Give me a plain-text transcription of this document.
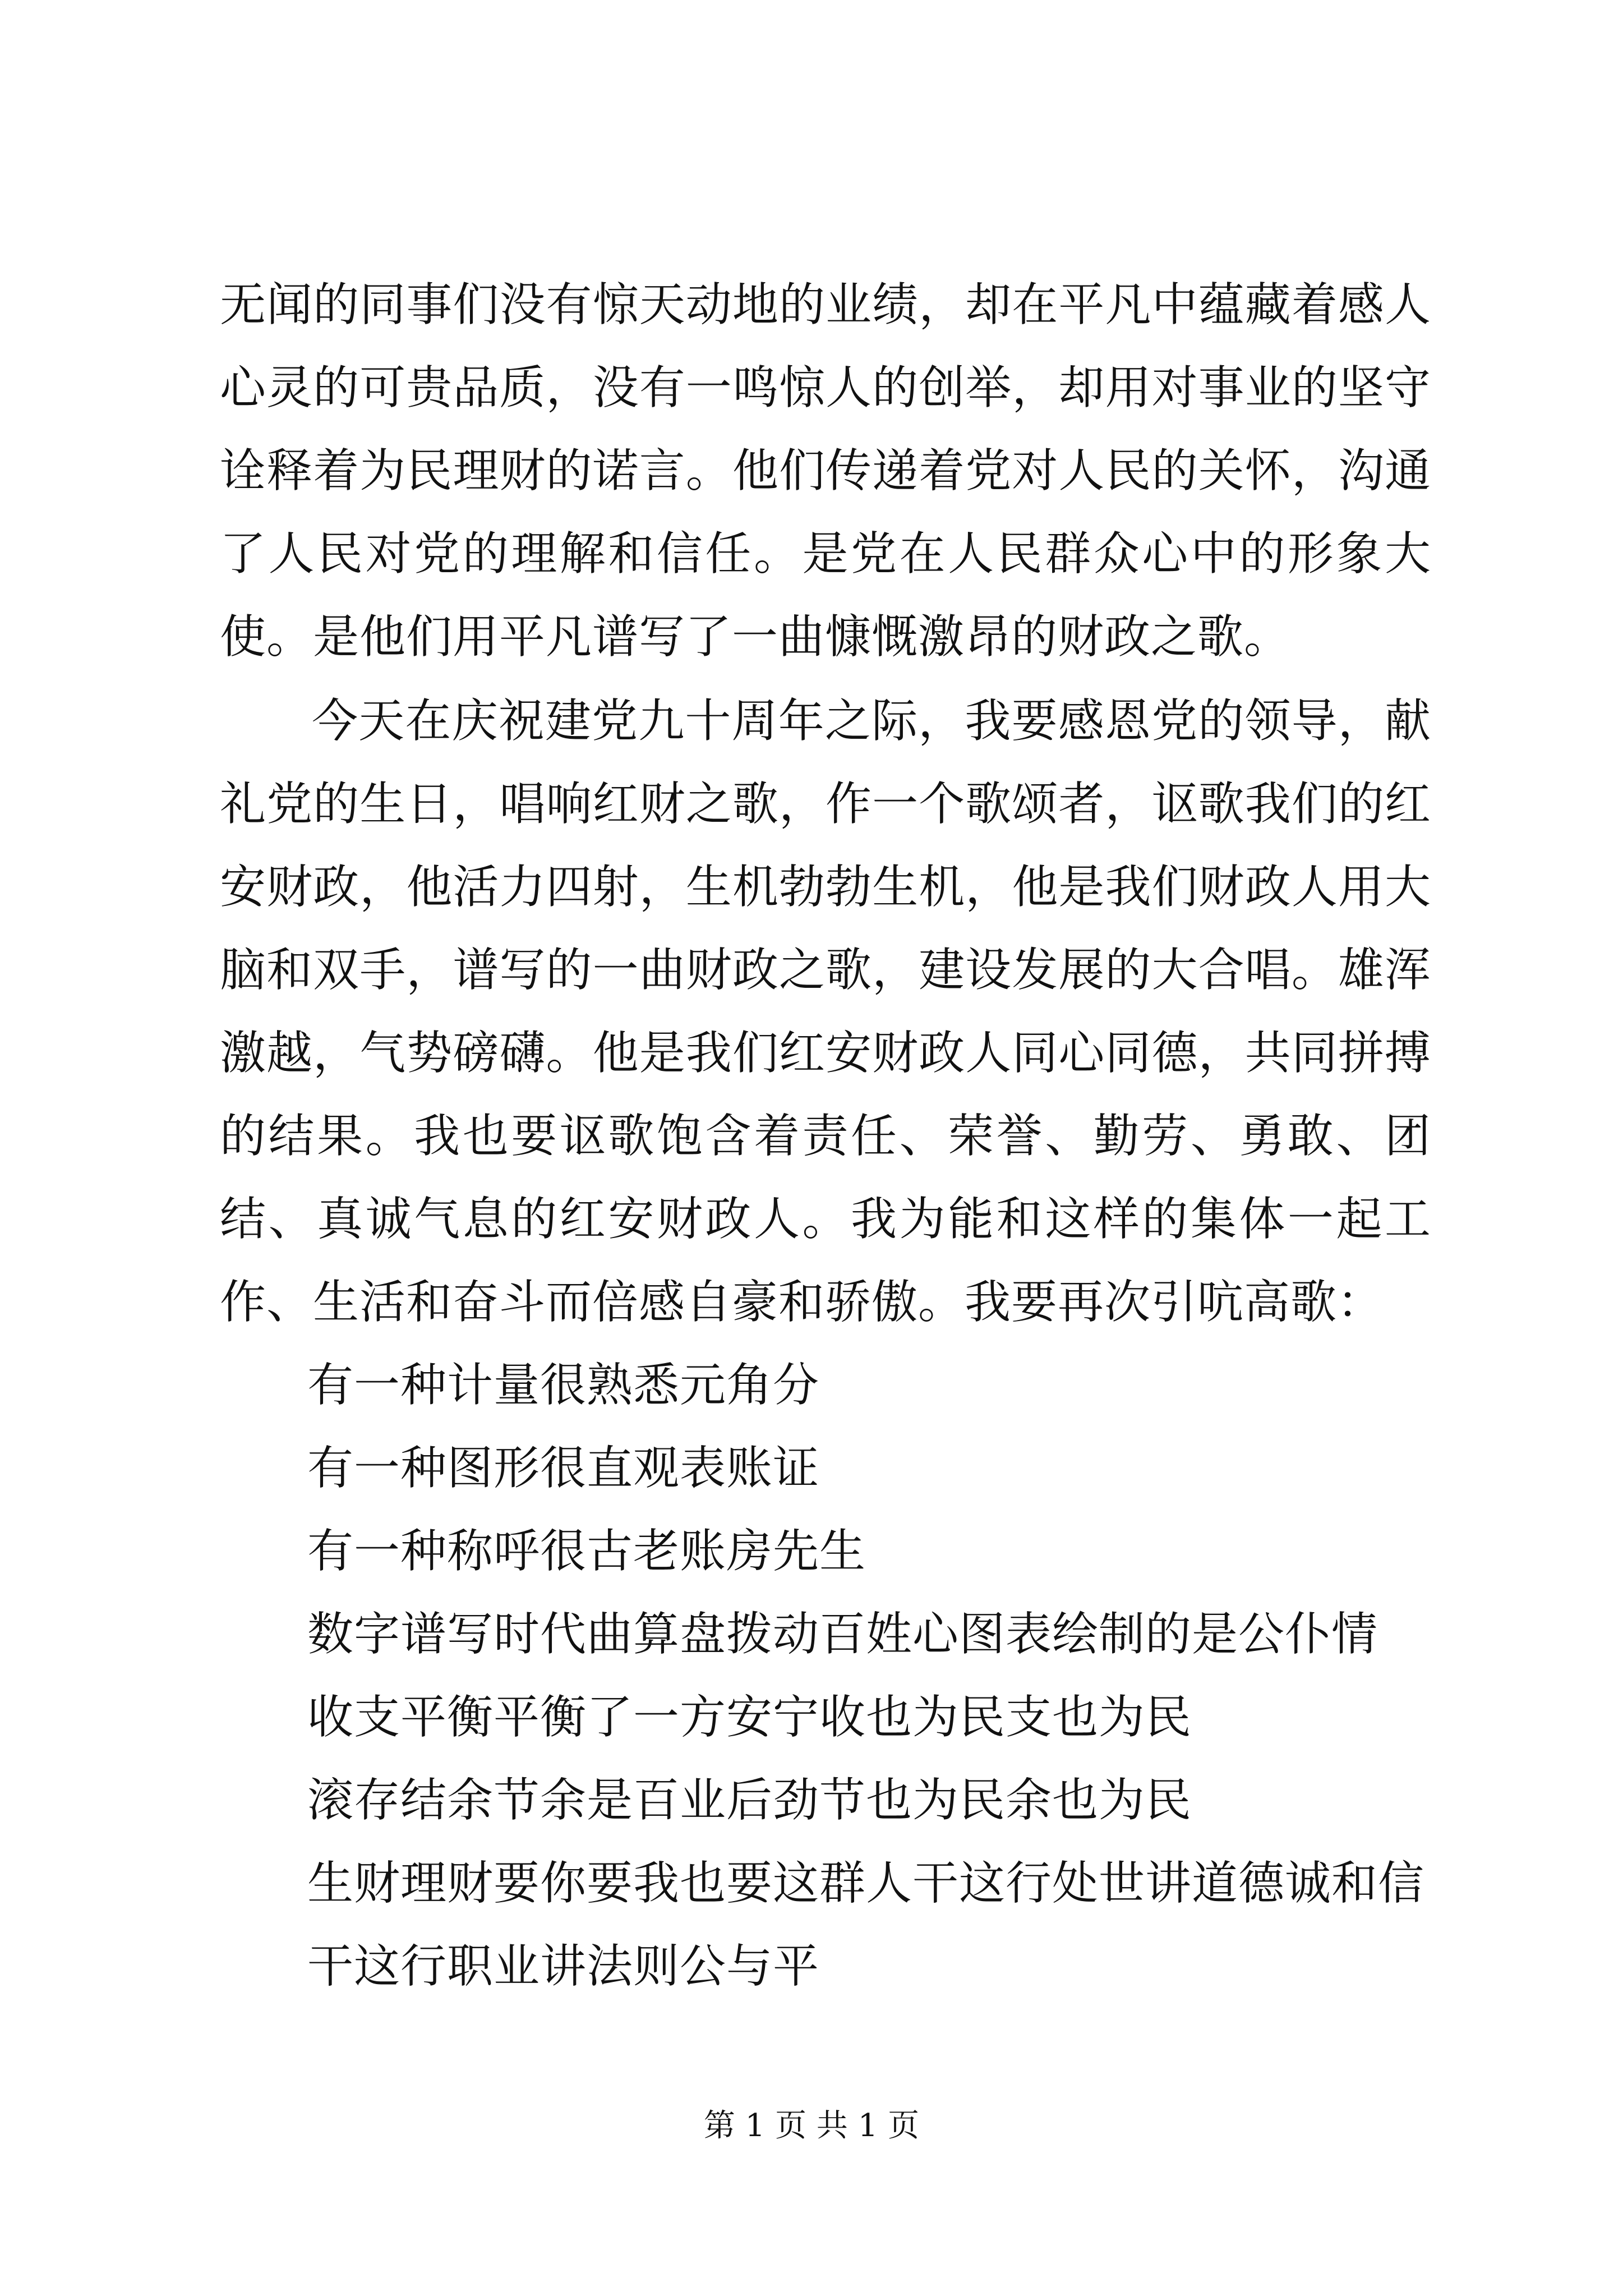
无闻的同事们没有惊天动地的业绩，却在平凡中蕴藏着感人心灵的可贵品质，没有一鸣惊人的创举，却用对事业的坚守诠释着为民理财的诺言。他们传递着党对人民的关怀，沟通了人民对党的理解和信任。是党在人民群众心中的形象大使。是他们用平凡谱写了一曲慷慨激昂的财政之歌。

今天在庆祝建党九十周年之际，我要感恩党的领导，献礼党的生日，唱响红财之歌，作一个歌颂者，讴歌我们的红安财政，他活力四射，生机勃勃生机，他是我们财政人用大脑和双手，谱写的一曲财政之歌，建设发展的大合唱。雄浑激越，气势磅礴。他是我们红安财政人同心同德，共同拼搏的结果。我也要讴歌饱含着责任、荣誉、勤劳、勇敢、团结、真诚气息的红安财政人。我为能和这样的集体一起工作、生活和奋斗而倍感自豪和骄傲。我要再次引吭高歌：

有一种计量很熟悉元角分

有一种图形很直观表账证

有一种称呼很古老账房先生

数字谱写时代曲算盘拨动百姓心图表绘制的是公仆情

收支平衡平衡了一方安宁收也为民支也为民

滚存结余节余是百业后劲节也为民余也为民

生财理财要你要我也要这群人干这行处世讲道德诚和信

干这行职业讲法则公与平

第 1 页 共 1 页
